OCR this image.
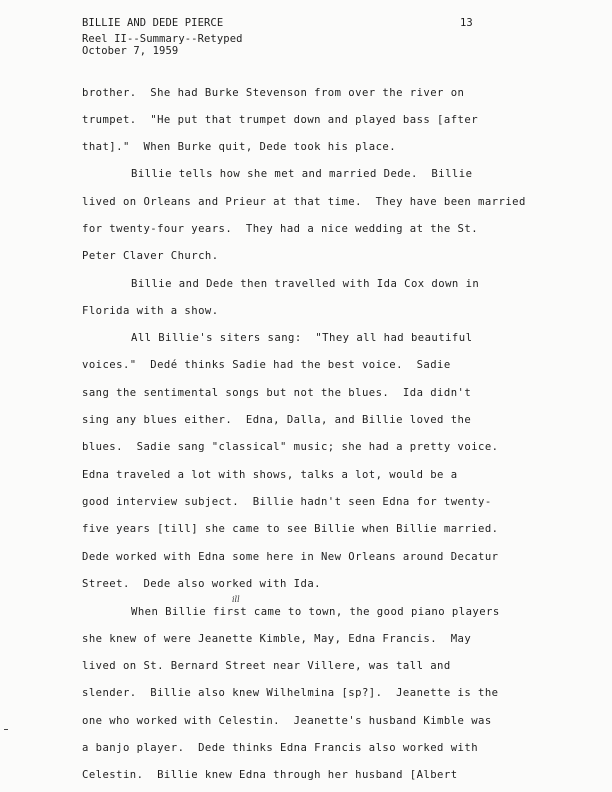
BILLIE AND DEDE PIERCE	13
Reel II--Summary--Retyped
October 7, 1959
brother.  She had Burke Stevenson from over the river on
trumpet.  "He put that trumpet down and played bass [after
that]."  When Burke quit, Dede took his place.
Billie tells how she met and married Dede.  Billie
lived on Orleans and Prieur at that time.  They have been married
for twenty-four years.  They had a nice wedding at the St.
Peter Claver Church.
Billie and Dede then travelled with Ida Cox down in
Florida with a show.
All Billie's siters sang:  "They all had beautiful
voices."  Dedé thinks Sadie had the best voice.  Sadie
sang the sentimental songs but not the blues.  Ida didn't
sing any blues either.  Edna, Dalla, and Billie loved the
blues.  Sadie sang "classical" music; she had a pretty voice.
Edna traveled a lot with shows, talks a lot, would be a
good interview subject.  Billie hadn't seen Edna for twenty-
five years [till] she came to see Billie when Billie married.
Dede worked with Edna some here in New Orleans around Decatur
Street.  Dede also worked with Ida.
ill
When Billie first came to town, the good piano players
she knew of were Jeanette Kimble, May, Edna Francis.  May
lived on St. Bernard Street near Villere, was tall and
slender.  Billie also knew Wilhelmina [sp?].  Jeanette is the
one who worked with Celestin.  Jeanette's husband Kimble was
a banjo player.  Dede thinks Edna Francis also worked with
Celestin.  Billie knew Edna through her husband [Albert
